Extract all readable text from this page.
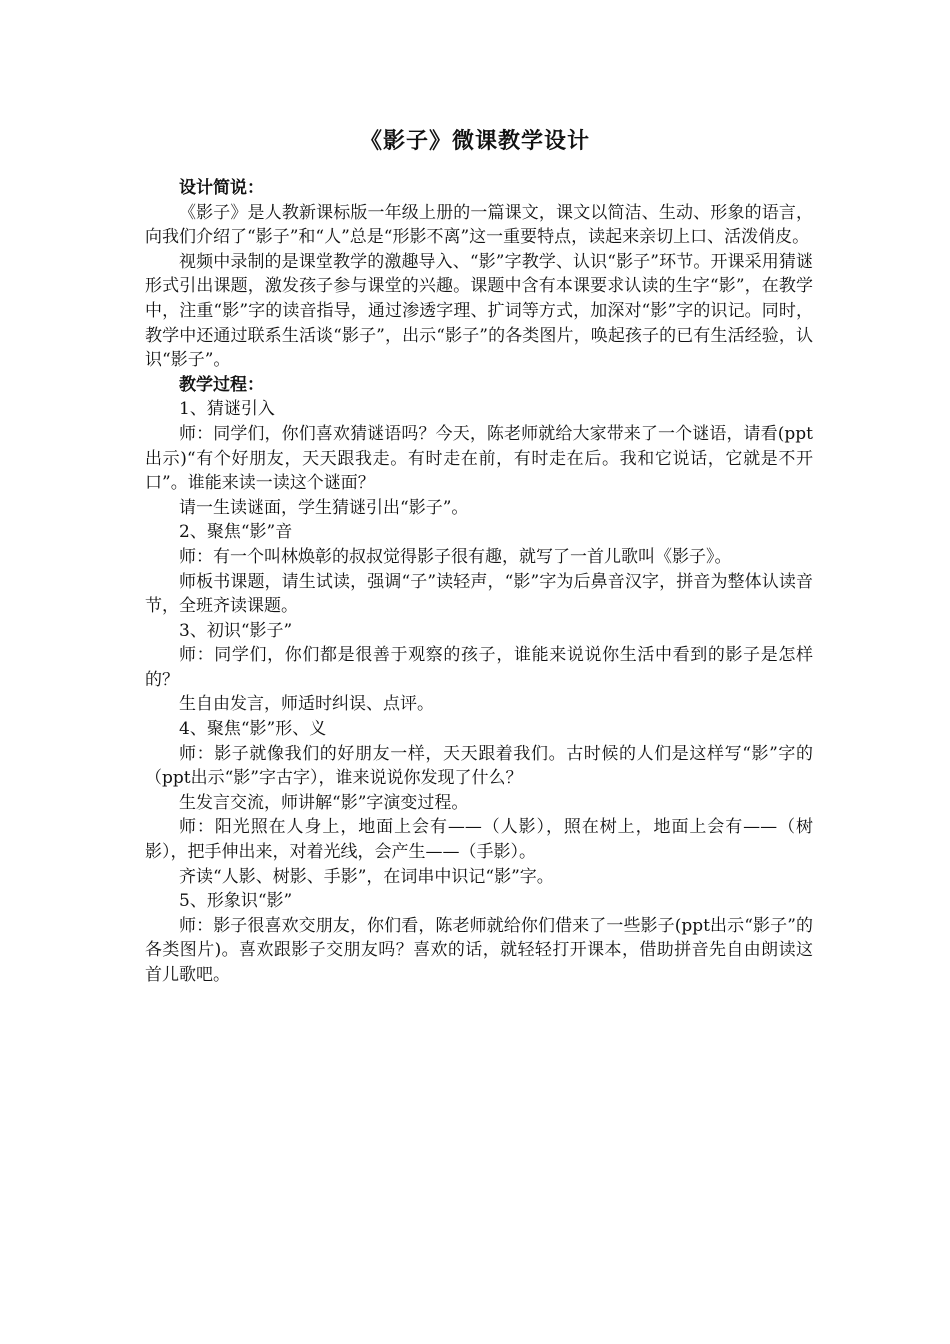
《影子》微课教学设计

设计简说：

《影子》是人教新课标版一年级上册的一篇课文，课文以简洁、生动、形象的语言，向我们介绍了“影子”和“人”总是“形影不离”这一重要特点，读起来亲切上口、活泼俏皮。

视频中录制的是课堂教学的激趣导入、“影”字教学、认识“影子”环节。开课采用猜谜形式引出课题，激发孩子参与课堂的兴趣。课题中含有本课要求认读的生字“影”，在教学中，注重“影”字的读音指导，通过渗透字理、扩词等方式，加深对“影”字的识记。同时，教学中还通过联系生活谈“影子”，出示“影子”的各类图片，唤起孩子的已有生活经验，认识“影子”。

教学过程：

1、猜谜引入

师：同学们，你们喜欢猜谜语吗？今天，陈老师就给大家带来了一个谜语，请看(ppt出示)“有个好朋友，天天跟我走。有时走在前，有时走在后。我和它说话，它就是不开口”。谁能来读一读这个谜面？

请一生读谜面，学生猜谜引出“影子”。

2、聚焦“影”音

师：有一个叫林焕彰的叔叔觉得影子很有趣，就写了一首儿歌叫《影子》。

师板书课题，请生试读，强调“子”读轻声，“影”字为后鼻音汉字，拼音为整体认读音节，全班齐读课题。

3、初识“影子”

师：同学们，你们都是很善于观察的孩子，谁能来说说你生活中看到的影子是怎样的？

生自由发言，师适时纠误、点评。

4、聚焦“影”形、义

师：影子就像我们的好朋友一样，天天跟着我们。古时候的人们是这样写“影”字的（ppt出示“影”字古字），谁来说说你发现了什么？

生发言交流，师讲解“影”字演变过程。

师：阳光照在人身上，地面上会有——（人影），照在树上，地面上会有——（树影），把手伸出来，对着光线，会产生——（手影）。

齐读“人影、树影、手影”，在词串中识记“影”字。

5、形象识“影”

师：影子很喜欢交朋友，你们看，陈老师就给你们借来了一些影子(ppt出示“影子”的各类图片)。喜欢跟影子交朋友吗？喜欢的话，就轻轻打开课本，借助拼音先自由朗读这首儿歌吧。
